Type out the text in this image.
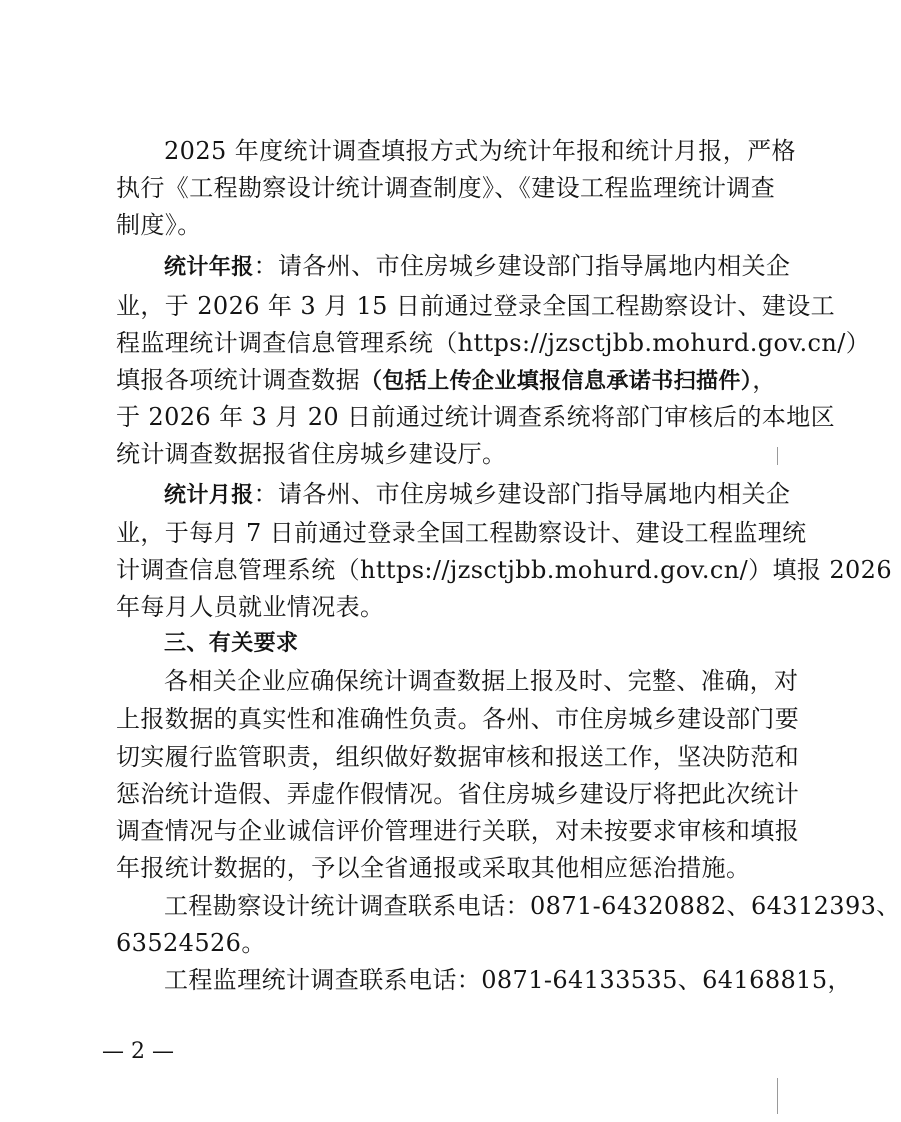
2025 年度统计调查填报方式为统计年报和统计月报，严格
执行《工程勘察设计统计调查制度》、《建设工程监理统计调查
制度》。
统计年报：请各州、市住房城乡建设部门指导属地内相关企
业，于 2026 年 3 月 15 日前通过登录全国工程勘察设计、建设工
程监理统计调查信息管理系统（https://jzsctjbb.mohurd.gov.cn/）
填报各项统计调查数据（包括上传企业填报信息承诺书扫描件），
于 2026 年 3 月 20 日前通过统计调查系统将部门审核后的本地区
统计调查数据报省住房城乡建设厅。
统计月报：请各州、市住房城乡建设部门指导属地内相关企
业，于每月 7 日前通过登录全国工程勘察设计、建设工程监理统
计调查信息管理系统（https://jzsctjbb.mohurd.gov.cn/）填报 2026
年每月人员就业情况表。
三、有关要求
各相关企业应确保统计调查数据上报及时、完整、准确，对
上报数据的真实性和准确性负责。各州、市住房城乡建设部门要
切实履行监管职责，组织做好数据审核和报送工作，坚决防范和
惩治统计造假、弄虚作假情况。省住房城乡建设厅将把此次统计
调查情况与企业诚信评价管理进行关联，对未按要求审核和填报
年报统计数据的，予以全省通报或采取其他相应惩治措施。
工程勘察设计统计调查联系电话：0871-64320882、64312393、
63524526。
工程监理统计调查联系电话：0871-64133535、64168815，
— 2 —
